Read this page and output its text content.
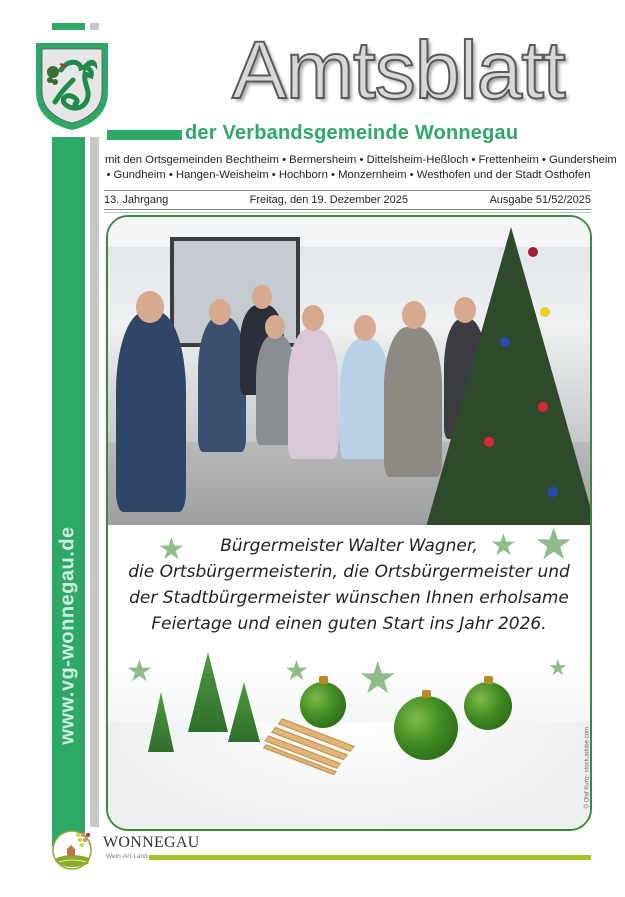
Amtsblatt
der Verbandsgemeinde Wonnegau
mit den Ortsgemeinden Bechtheim • Bermersheim • Dittelsheim-Heßloch • Frettenheim • Gundersheim
• Gundheim • Hangen-Weisheim • Hochborn • Monzernheim • Westhofen und der Stadt Osthofen
13. Jahrgang	Freitag, den 19. Dezember 2025	Ausgabe 51/52/2025
www.vg-wonnegau.de	★	★ ★
★	★ ★	★
Bürgermeister Walter Wagner,
die Ortsbürgermeisterin, die Ortsbürgermeister und
der Stadtbürgermeister wünschen Ihnen erholsame
Feiertage und einen guten Start ins Jahr 2026.
© Olaf Kunz- stock.adobe.com
WONNEGAU
Wein·Art·Land
